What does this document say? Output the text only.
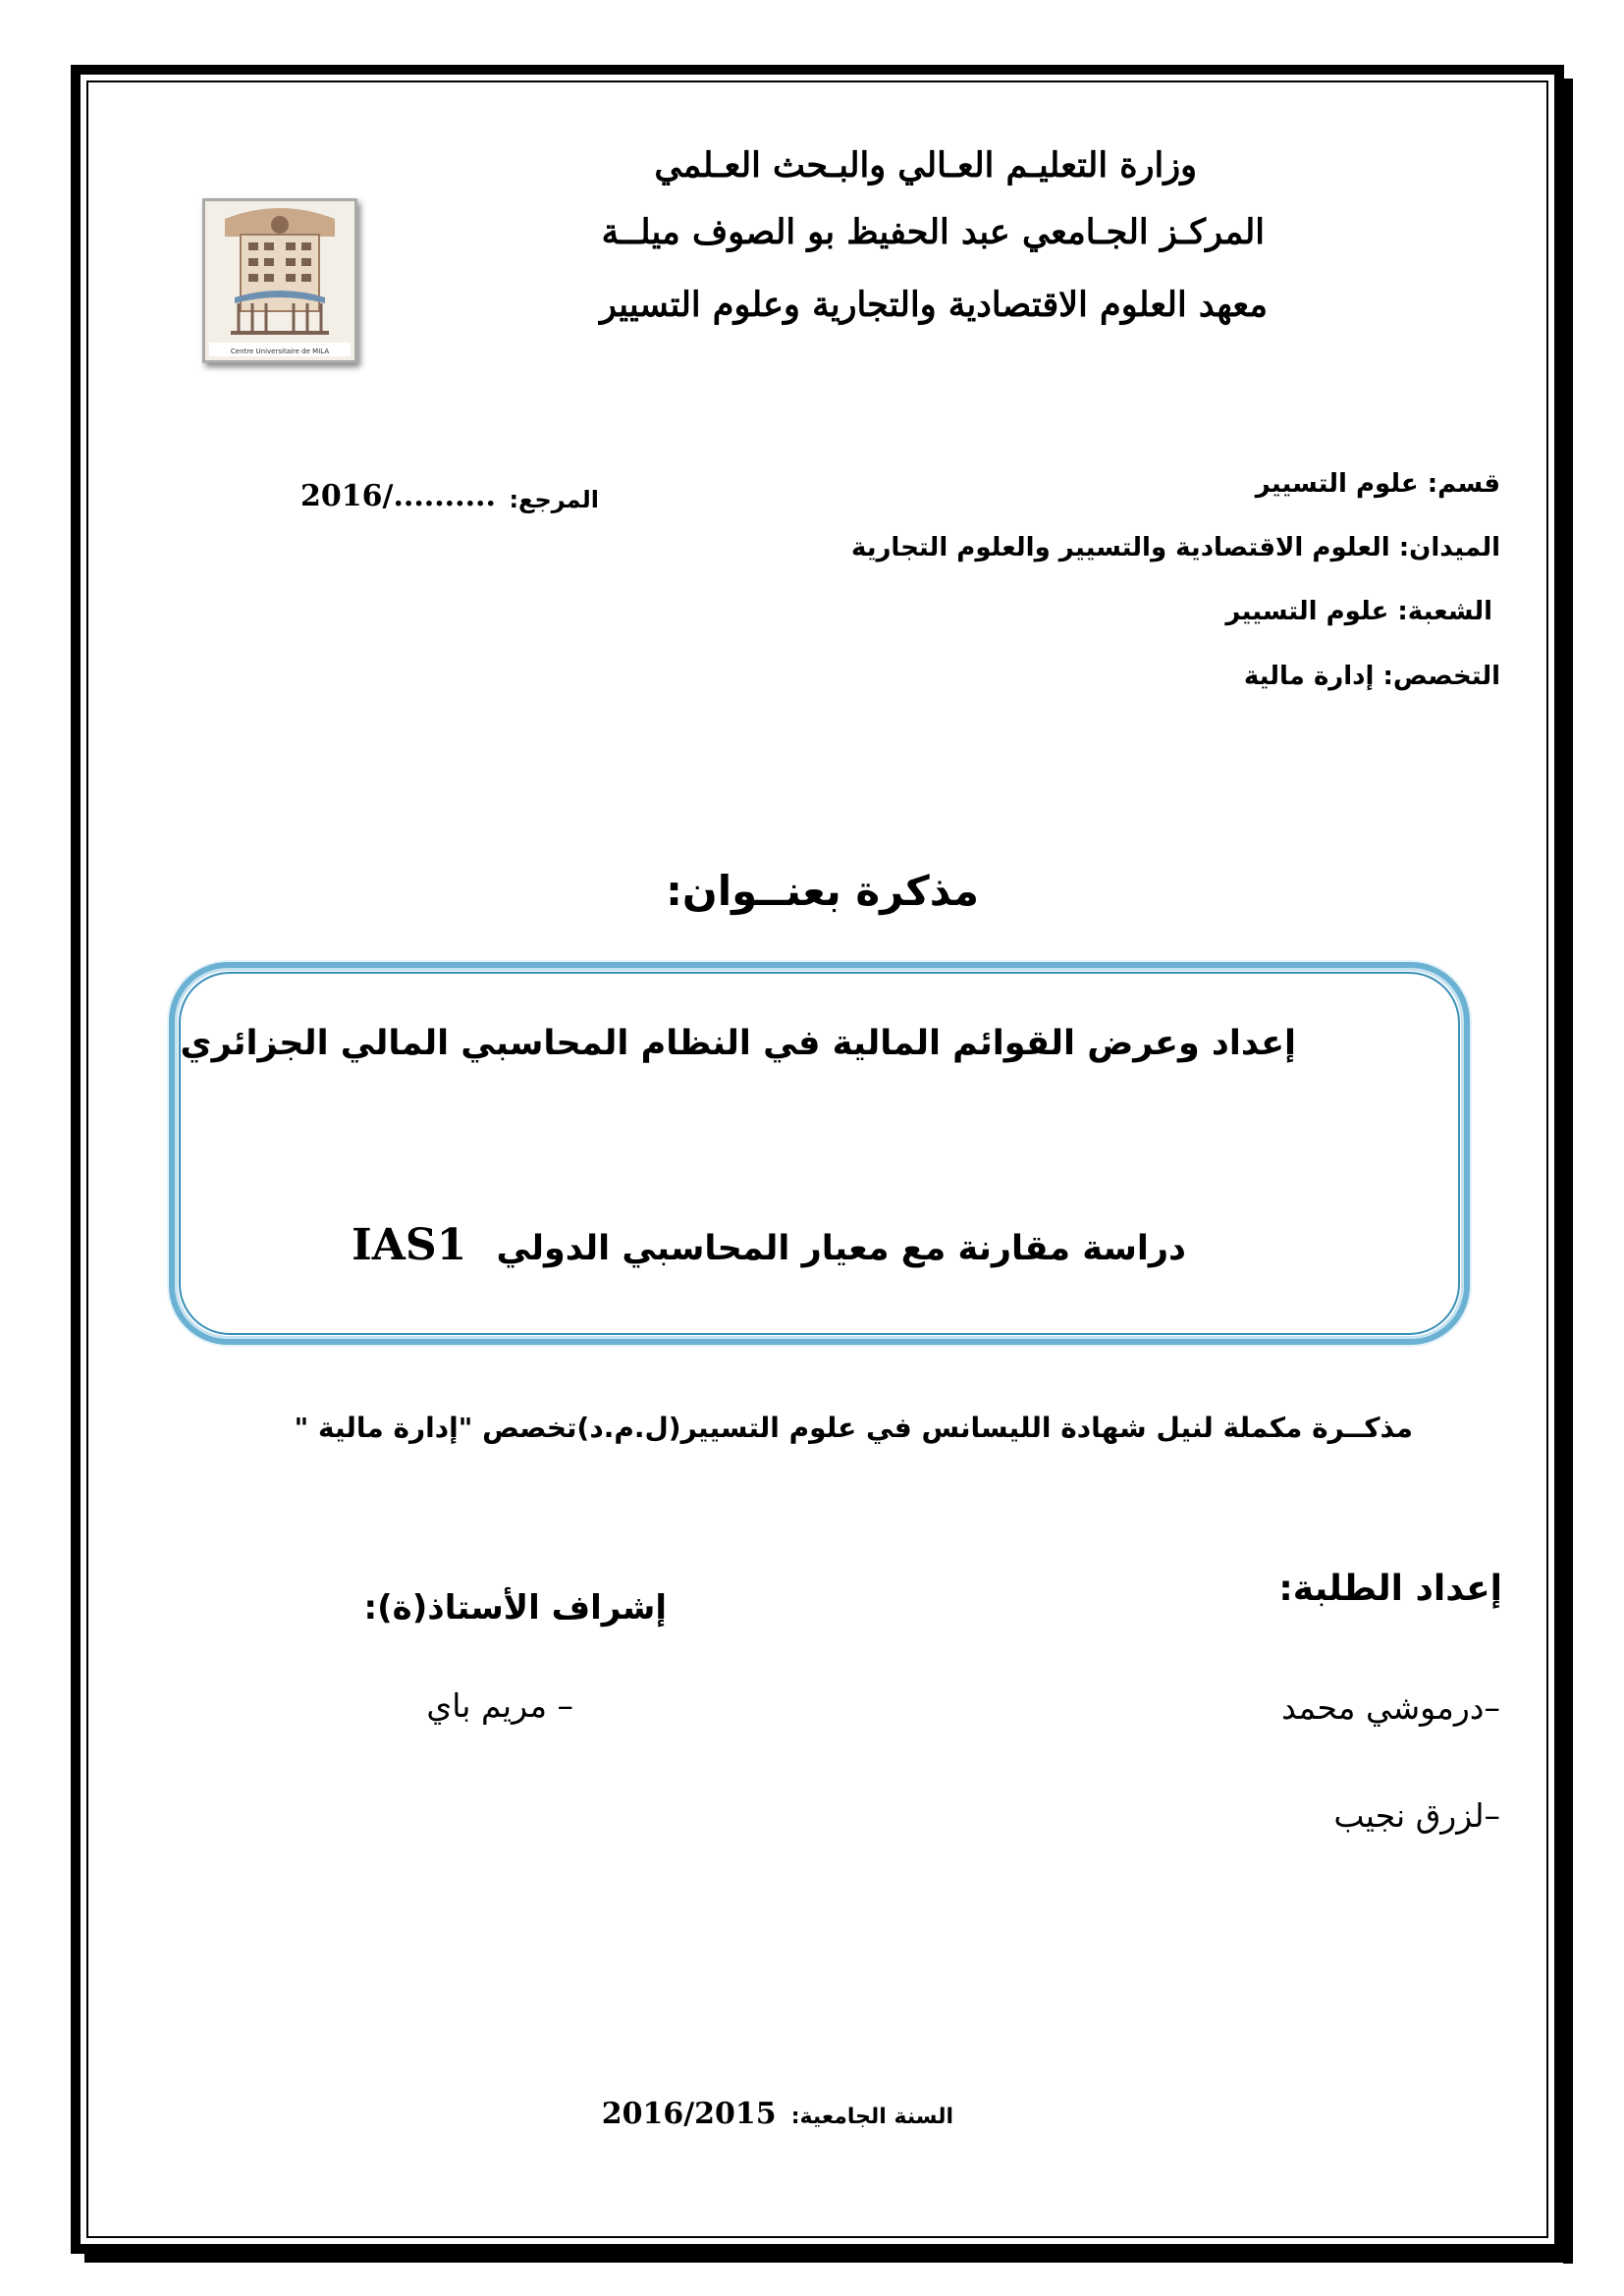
وزارة التعليـم العـالي والبـحث العـلمي
المركـز الجـامعي عبد الحفيظ بو الصوف ميلــة
معهد العلوم الاقتصادية والتجارية وعلوم التسيير
Centre Universitaire de MILA
قسم: علوم التسيير
الميدان: العلوم الاقتصادية والتسيير والعلوم التجارية
الشعبة: علوم التسيير
التخصص: إدارة مالية
المرجع:
2016/..........
مذكرة بعنــوان:
إعداد وعرض القوائم المالية في النظام المحاسبي المالي الجزائري
دراسة مقارنة مع معيار المحاسبي الدولي IAS1
مذكــرة مكملة لنيل شهادة الليسانس في علوم التسيير(ل.م.د)تخصص "إدارة مالية "
إعداد الطلبة:
–درموشي محمد
–لزرق نجيب
إشراف الأستاذ(ة):
– مريم باي
السنة الجامعية: 2016/2015
